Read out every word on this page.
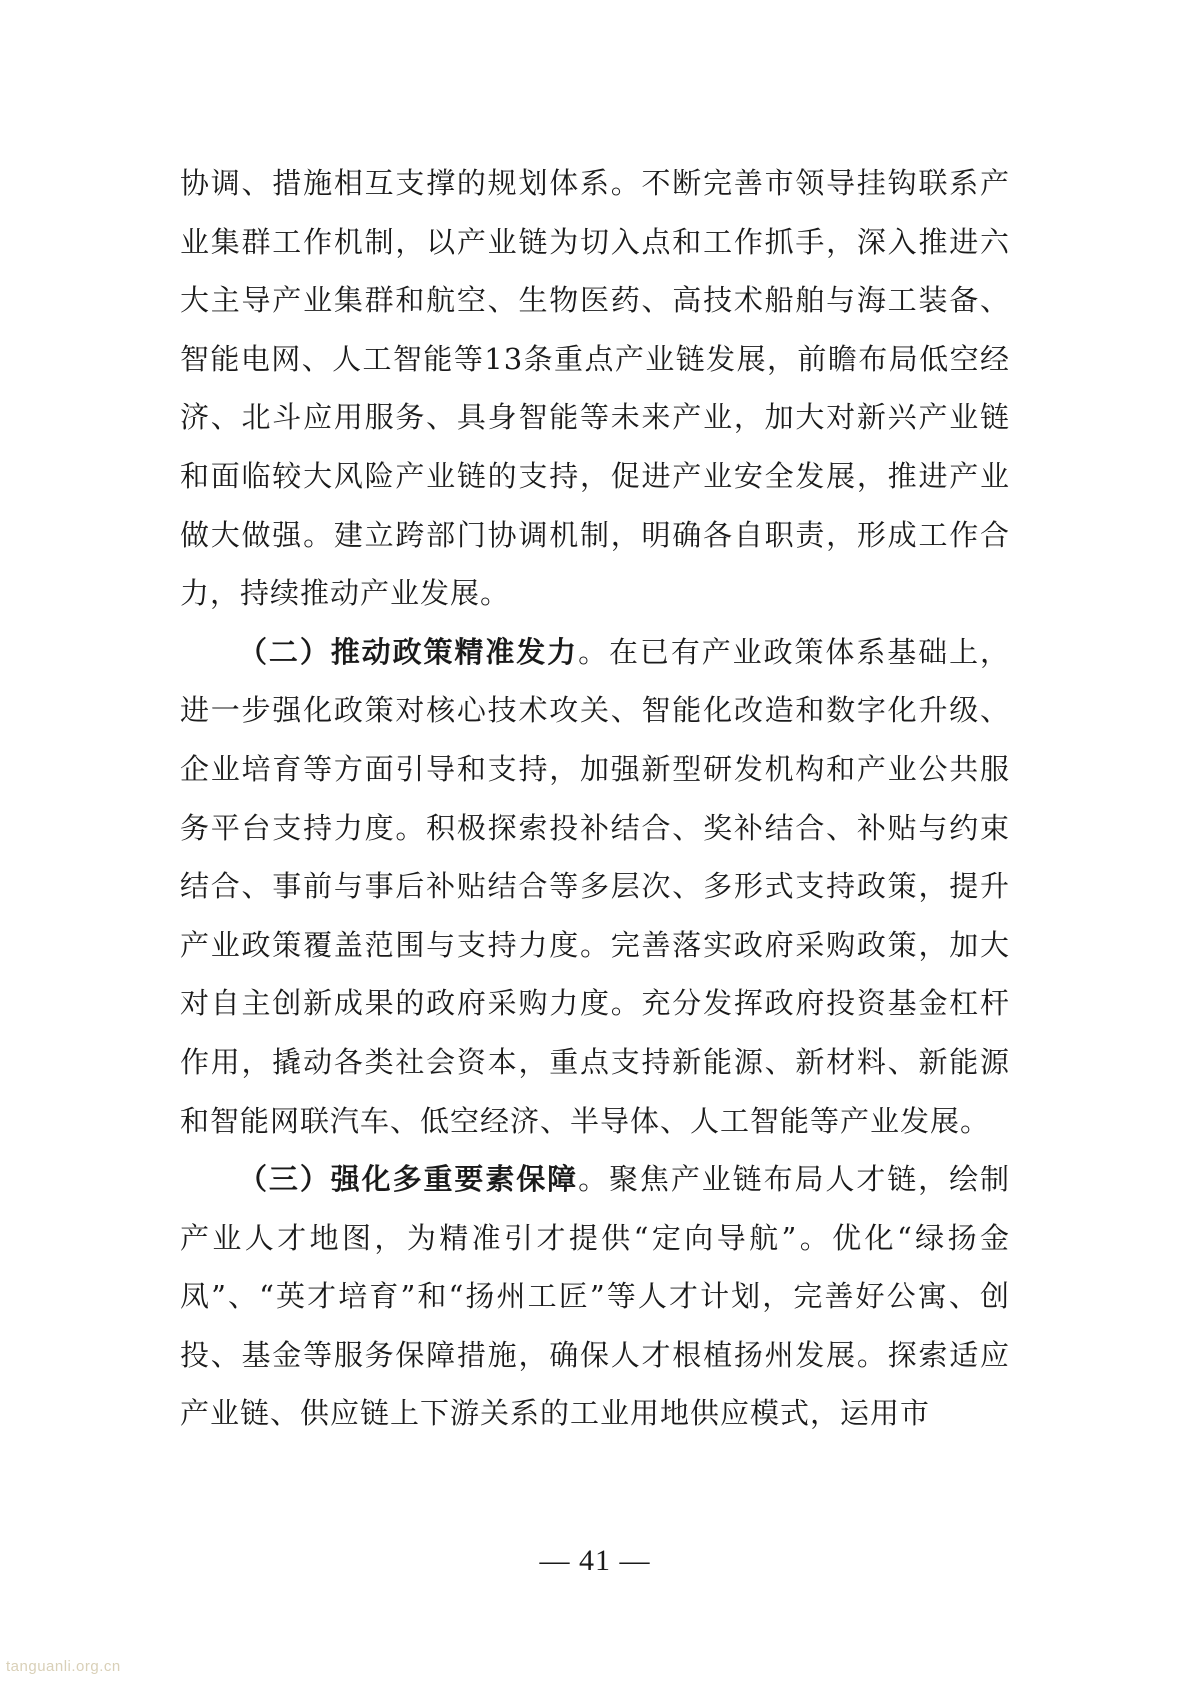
协调、措施相互支撑的规划体系。不断完善市领导挂钩联系产业集群工作机制，以产业链为切入点和工作抓手，深入推进六大主导产业集群和航空、生物医药、高技术船舶与海工装备、智能电网、人工智能等13条重点产业链发展，前瞻布局低空经济、北斗应用服务、具身智能等未来产业，加大对新兴产业链和面临较大风险产业链的支持，促进产业安全发展，推进产业做大做强。建立跨部门协调机制，明确各自职责，形成工作合力，持续推动产业发展。

（二）推动政策精准发力。在已有产业政策体系基础上，进一步强化政策对核心技术攻关、智能化改造和数字化升级、企业培育等方面引导和支持，加强新型研发机构和产业公共服务平台支持力度。积极探索投补结合、奖补结合、补贴与约束结合、事前与事后补贴结合等多层次、多形式支持政策，提升产业政策覆盖范围与支持力度。完善落实政府采购政策，加大对自主创新成果的政府采购力度。充分发挥政府投资基金杠杆作用，撬动各类社会资本，重点支持新能源、新材料、新能源和智能网联汽车、低空经济、半导体、人工智能等产业发展。

（三）强化多重要素保障。聚焦产业链布局人才链，绘制产业人才地图，为精准引才提供“定向导航”。优化“绿扬金凤”、“英才培育”和“扬州工匠”等人才计划，完善好公寓、创投、基金等服务保障措施，确保人才根植扬州发展。探索适应产业链、供应链上下游关系的工业用地供应模式，运用市

— 41 —
tanguanli.org.cn
